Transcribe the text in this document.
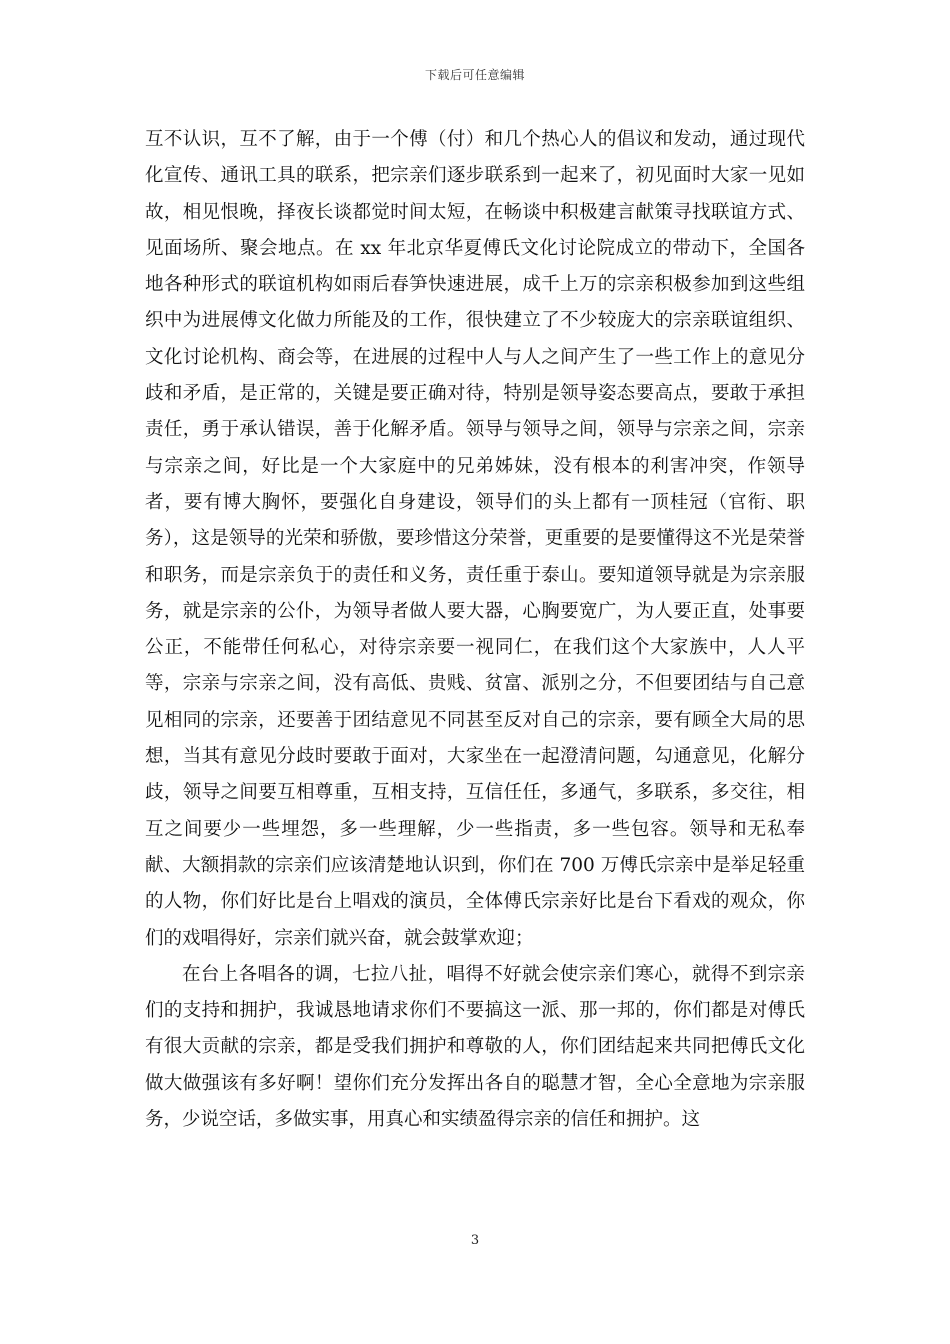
下载后可任意编辑

互不认识，互不了解，由于一个傅（付）和几个热心人的倡议和发动，通过现代化宣传、通讯工具的联系，把宗亲们逐步联系到一起来了，初见面时大家一见如故，相见恨晚，择夜长谈都觉时间太短，在畅谈中积极建言献策寻找联谊方式、见面场所、聚会地点。在 xx 年北京华夏傅氏文化讨论院成立的带动下，全国各地各种形式的联谊机构如雨后春笋快速进展，成千上万的宗亲积极参加到这些组织中为进展傅文化做力所能及的工作，很快建立了不少较庞大的宗亲联谊组织、文化讨论机构、商会等，在进展的过程中人与人之间产生了一些工作上的意见分歧和矛盾，是正常的，关键是要正确对待，特别是领导姿态要高点，要敢于承担责任，勇于承认错误，善于化解矛盾。领导与领导之间，领导与宗亲之间，宗亲与宗亲之间，好比是一个大家庭中的兄弟姊妹，没有根本的利害冲突，作领导者，要有博大胸怀，要强化自身建设，领导们的头上都有一顶桂冠（官衔、职务），这是领导的光荣和骄傲，要珍惜这分荣誉，更重要的是要懂得这不光是荣誉和职务，而是宗亲负于的责任和义务，责任重于泰山。要知道领导就是为宗亲服务，就是宗亲的公仆，为领导者做人要大器，心胸要宽广，为人要正直，处事要公正，不能带任何私心，对待宗亲要一视同仁，在我们这个大家族中，人人平等，宗亲与宗亲之间，没有高低、贵贱、贫富、派别之分，不但要团结与自己意见相同的宗亲，还要善于团结意见不同甚至反对自己的宗亲，要有顾全大局的思想，当其有意见分歧时要敢于面对，大家坐在一起澄清问题，勾通意见，化解分歧，领导之间要互相尊重，互相支持，互信任任，多通气，多联系，多交往，相互之间要少一些埋怨，多一些理解，少一些指责，多一些包容。领导和无私奉献、大额捐款的宗亲们应该清楚地认识到，你们在 700 万傅氏宗亲中是举足轻重的人物，你们好比是台上唱戏的演员，全体傅氏宗亲好比是台下看戏的观众，你们的戏唱得好，宗亲们就兴奋，就会鼓掌欢迎；

在台上各唱各的调，七拉八扯，唱得不好就会使宗亲们寒心，就得不到宗亲们的支持和拥护，我诚恳地请求你们不要搞这一派、那一邦的，你们都是对傅氏有很大贡献的宗亲，都是受我们拥护和尊敬的人，你们团结起来共同把傅氏文化做大做强该有多好啊！望你们充分发挥出各自的聪慧才智，全心全意地为宗亲服务，少说空话，多做实事，用真心和实绩盈得宗亲的信任和拥护。这

3
